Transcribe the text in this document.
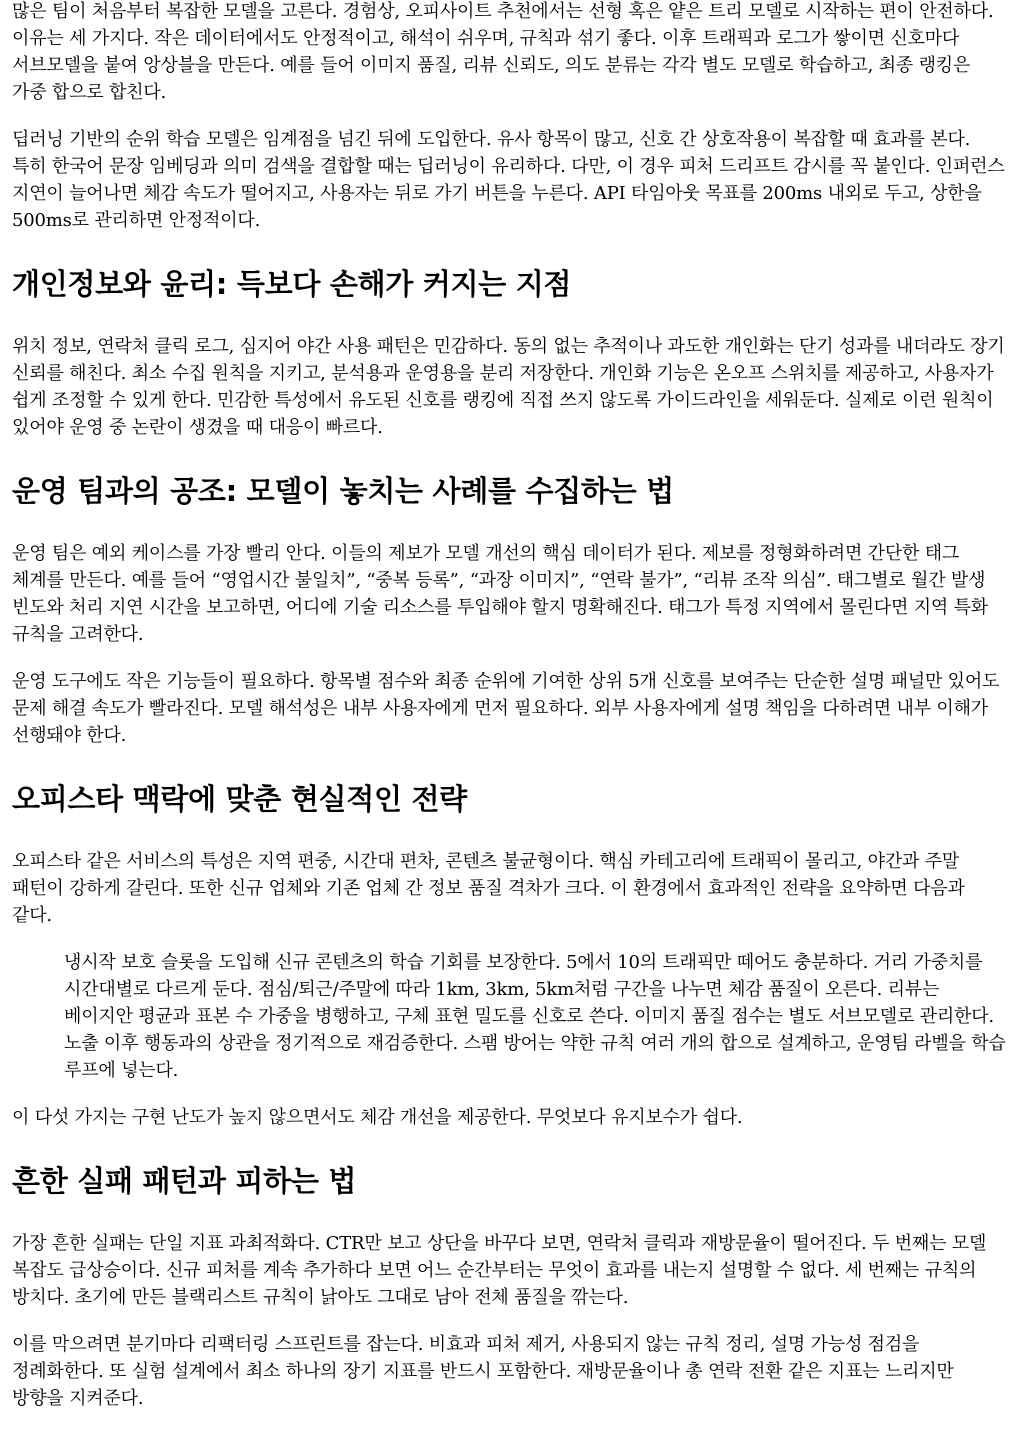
많은 팀이 처음부터 복잡한 모델을 고른다. 경험상, 오피사이트 추천에서는 선형 혹은 얕은 트리 모델로 시작하는 편이 안전하다. 이유는 세 가지다. 작은 데이터에서도 안정적이고, 해석이 쉬우며, 규칙과 섞기 좋다. 이후 트래픽과 로그가 쌓이면 신호마다 서브모델을 붙여 앙상블을 만든다. 예를 들어 이미지 품질, 리뷰 신뢰도, 의도 분류는 각각 별도 모델로 학습하고, 최종 랭킹은 가중 합으로 합친다.

딥러닝 기반의 순위 학습 모델은 임계점을 넘긴 뒤에 도입한다. 유사 항목이 많고, 신호 간 상호작용이 복잡할 때 효과를 본다. 특히 한국어 문장 임베딩과 의미 검색을 결합할 때는 딥러닝이 유리하다. 다만, 이 경우 피처 드리프트 감시를 꼭 붙인다. 인퍼런스 지연이 늘어나면 체감 속도가 떨어지고, 사용자는 뒤로 가기 버튼을 누른다. API 타임아웃 목표를 200ms 내외로 두고, 상한을 500ms로 관리하면 안정적이다.

개인정보와 윤리: 득보다 손해가 커지는 지점

위치 정보, 연락처 클릭 로그, 심지어 야간 사용 패턴은 민감하다. 동의 없는 추적이나 과도한 개인화는 단기 성과를 내더라도 장기 신뢰를 해친다. 최소 수집 원칙을 지키고, 분석용과 운영용을 분리 저장한다. 개인화 기능은 온오프 스위치를 제공하고, 사용자가 쉽게 조정할 수 있게 한다. 민감한 특성에서 유도된 신호를 랭킹에 직접 쓰지 않도록 가이드라인을 세워둔다. 실제로 이런 원칙이 있어야 운영 중 논란이 생겼을 때 대응이 빠르다.

운영 팀과의 공조: 모델이 놓치는 사례를 수집하는 법

운영 팀은 예외 케이스를 가장 빨리 안다. 이들의 제보가 모델 개선의 핵심 데이터가 된다. 제보를 정형화하려면 간단한 태그 체계를 만든다. 예를 들어 “영업시간 불일치”, “중복 등록”, “과장 이미지”, “연락 불가”, “리뷰 조작 의심”. 태그별로 월간 발생 빈도와 처리 지연 시간을 보고하면, 어디에 기술 리소스를 투입해야 할지 명확해진다. 태그가 특정 지역에서 몰린다면 지역 특화 규칙을 고려한다.

운영 도구에도 작은 기능들이 필요하다. 항목별 점수와 최종 순위에 기여한 상위 5개 신호를 보여주는 단순한 설명 패널만 있어도 문제 해결 속도가 빨라진다. 모델 해석성은 내부 사용자에게 먼저 필요하다. 외부 사용자에게 설명 책임을 다하려면 내부 이해가 선행돼야 한다.

오피스타 맥락에 맞춘 현실적인 전략

오피스타 같은 서비스의 특성은 지역 편중, 시간대 편차, 콘텐츠 불균형이다. 핵심 카테고리에 트래픽이 몰리고, 야간과 주말 패턴이 강하게 갈린다. 또한 신규 업체와 기존 업체 간 정보 품질 격차가 크다. 이 환경에서 효과적인 전략을 요약하면 다음과 같다.

냉시작 보호 슬롯을 도입해 신규 콘텐츠의 학습 기회를 보장한다. 5에서 10의 트래픽만 떼어도 충분하다. 거리 가중치를 시간대별로 다르게 둔다. 점심/퇴근/주말에 따라 1km, 3km, 5km처럼 구간을 나누면 체감 품질이 오른다. 리뷰는 베이지안 평균과 표본 수 가중을 병행하고, 구체 표현 밀도를 신호로 쓴다. 이미지 품질 점수는 별도 서브모델로 관리한다. 노출 이후 행동과의 상관을 정기적으로 재검증한다. 스팸 방어는 약한 규칙 여러 개의 합으로 설계하고, 운영팀 라벨을 학습 루프에 넣는다.

이 다섯 가지는 구현 난도가 높지 않으면서도 체감 개선을 제공한다. 무엇보다 유지보수가 쉽다.

흔한 실패 패턴과 피하는 법

가장 흔한 실패는 단일 지표 과최적화다. CTR만 보고 상단을 바꾸다 보면, 연락처 클릭과 재방문율이 떨어진다. 두 번째는 모델 복잡도 급상승이다. 신규 피처를 계속 추가하다 보면 어느 순간부터는 무엇이 효과를 내는지 설명할 수 없다. 세 번째는 규칙의 방치다. 초기에 만든 블랙리스트 규칙이 낡아도 그대로 남아 전체 품질을 깎는다.

이를 막으려면 분기마다 리팩터링 스프린트를 잡는다. 비효과 피처 제거, 사용되지 않는 규칙 정리, 설명 가능성 점검을 정례화한다. 또 실험 설계에서 최소 하나의 장기 지표를 반드시 포함한다. 재방문율이나 총 연락 전환 같은 지표는 느리지만 방향을 지켜준다.
